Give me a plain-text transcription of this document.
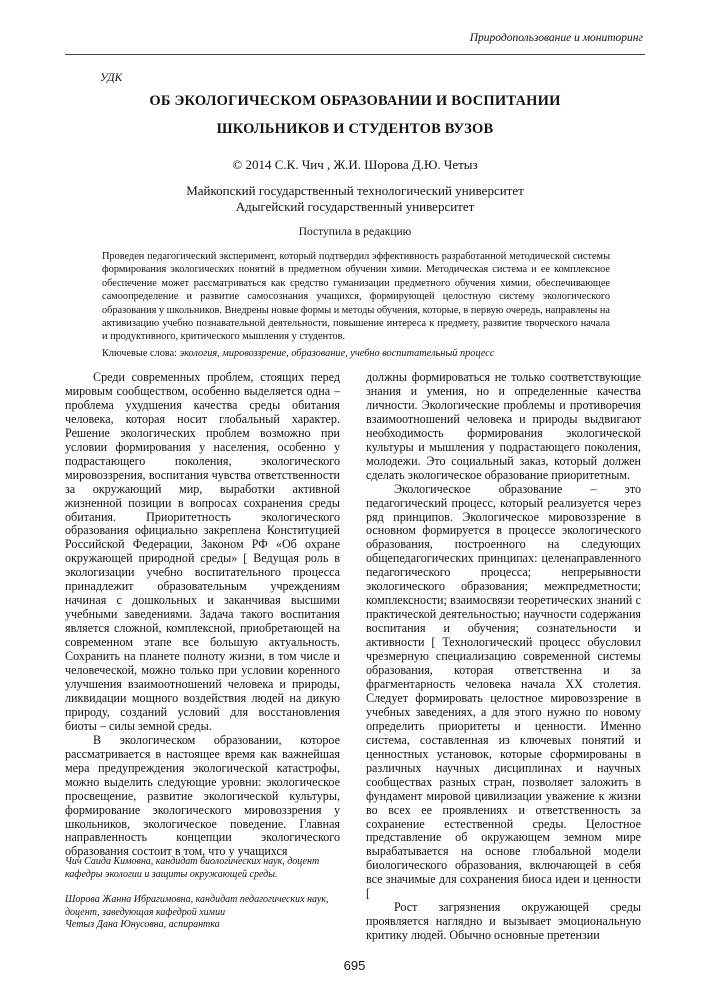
Природопользование и мониторинг
УДК
ОБ ЭКОЛОГИЧЕСКОМ ОБРАЗОВАНИИ И ВОСПИТАНИИ
ШКОЛЬНИКОВ И СТУДЕНТОВ ВУЗОВ
© 2014 С.К. Чич , Ж.И. Шорова Д.Ю. Четыз
Майкопский государственный технологический университет
Адыгейский государственный университет
Поступила в редакцию
Проведен педагогический эксперимент, который подтвердил эффективность разработанной методической системы формирования экологических понятий в предметном обучении химии. Методическая система и ее комплексное обеспечение может рассматриваться как средство гуманизации предметного обучения химии, обеспечивающее самоопределение и развитие самосознания учащихся, формирующей целостную систему экологического образования у школьников. Внедрены новые формы и методы обучения, которые, в первую очередь, направлены на активизацию учебно познавательной деятельности, повышение интереса к предмету, развитие творческого начала и продуктивного, критического мышления у студентов.
Ключевые слова: экология, мировоззрение, образование, учебно воспитательный процесс

Среди современных проблем, стоящих перед мировым сообществом, особенно выделяется одна – проблема ухудшения качества среды обитания человека, которая носит глобальный характер. Решение экологических проблем возможно при условии формирования у населения, особенно у подрастающего поколения, экологического мировоззрения, воспитания чувства ответственности за окружающий мир, выработки активной жизненной позиции в вопросах сохранения среды обитания. Приоритетность экологического образования официально закреплена Конституцией Российской Федерации, Законом РФ «Об охране окружающей природной среды» [ Ведущая роль в экологизации учебно воспитательного процесса принадлежит образовательным учреждениям начиная с дошкольных и заканчивая высшими учебными заведениями. Задача такого воспитания является сложной, комплексной, приобретающей на современном этапе все большую актуальность. Сохранить на планете полноту жизни, в том числе и человеческой, можно только при условии коренного улучшения взаимоотношений человека и природы, ликвидации мощного воздействия людей на дикую природу, созданий условий для восстановления биоты – силы земной среды.

В экологическом образовании, которое рассматривается в настоящее время как важнейшая мера предупреждения экологической катастрофы, можно выделить следующие уровни: экологическое просвещение, развитие экологической культуры, формирование экологического мировоззрения у школьников, экологическое поведение. Главная направленность концепции экологического образования состоит в том, что у учащихся

должны формироваться не только соответствующие знания и умения, но и определенные качества личности. Экологические проблемы и противоречия взаимоотношений человека и природы выдвигают необходимость формирования экологической культуры и мышления у подрастающего поколения, молодежи. Это социальный заказ, который должен сделать экологическое образование приоритетным.

Экологическое образование – это педагогический процесс, который реализуется через ряд принципов. Экологическое мировоззрение в основном формируется в процессе экологического образования, построенного на следующих общепедагогических принципах: целенаправленного педагогического процесса; непрерывности экологического образования; межпредметности; комплексности; взаимосвязи теоретических знаний с практической деятельностью; научности содержания воспитания и обучения; сознательности и активности [ Технологический процесс обусловил чрезмерную специализацию современной системы образования, которая ответственна и за фрагментарность человека начала XX столетия. Следует формировать целостное мировоззрение в учебных заведениях, а для этого нужно по новому определить приоритеты и ценности. Именно система, составленная из ключевых понятий и ценностных установок, которые сформированы в различных научных дисциплинах и научных сообществах разных стран, позволяет заложить в фундамент мировой цивилизации уважение к жизни во всех ее проявлениях и ответственность за сохранение естественной среды. Целостное представление об окружающем земном мире вырабатывается на основе глобальной модели биологического образования, включающей в себя все значимые для сохранения биоса идеи и ценности [

Рост загрязнения окружающей среды проявляется наглядно и вызывает эмоциональную критику людей. Обычно основные претензии

Чич Саида Кимовна, кандидат биологических наук, доцент кафедры экологии и защиты окружающей среды.
Шорова Жанна Ибрагимовна, кандидат педагогических наук, доцент, заведующая кафедрой химии
Четыз Дана Юнусовна, аспирантка
695
